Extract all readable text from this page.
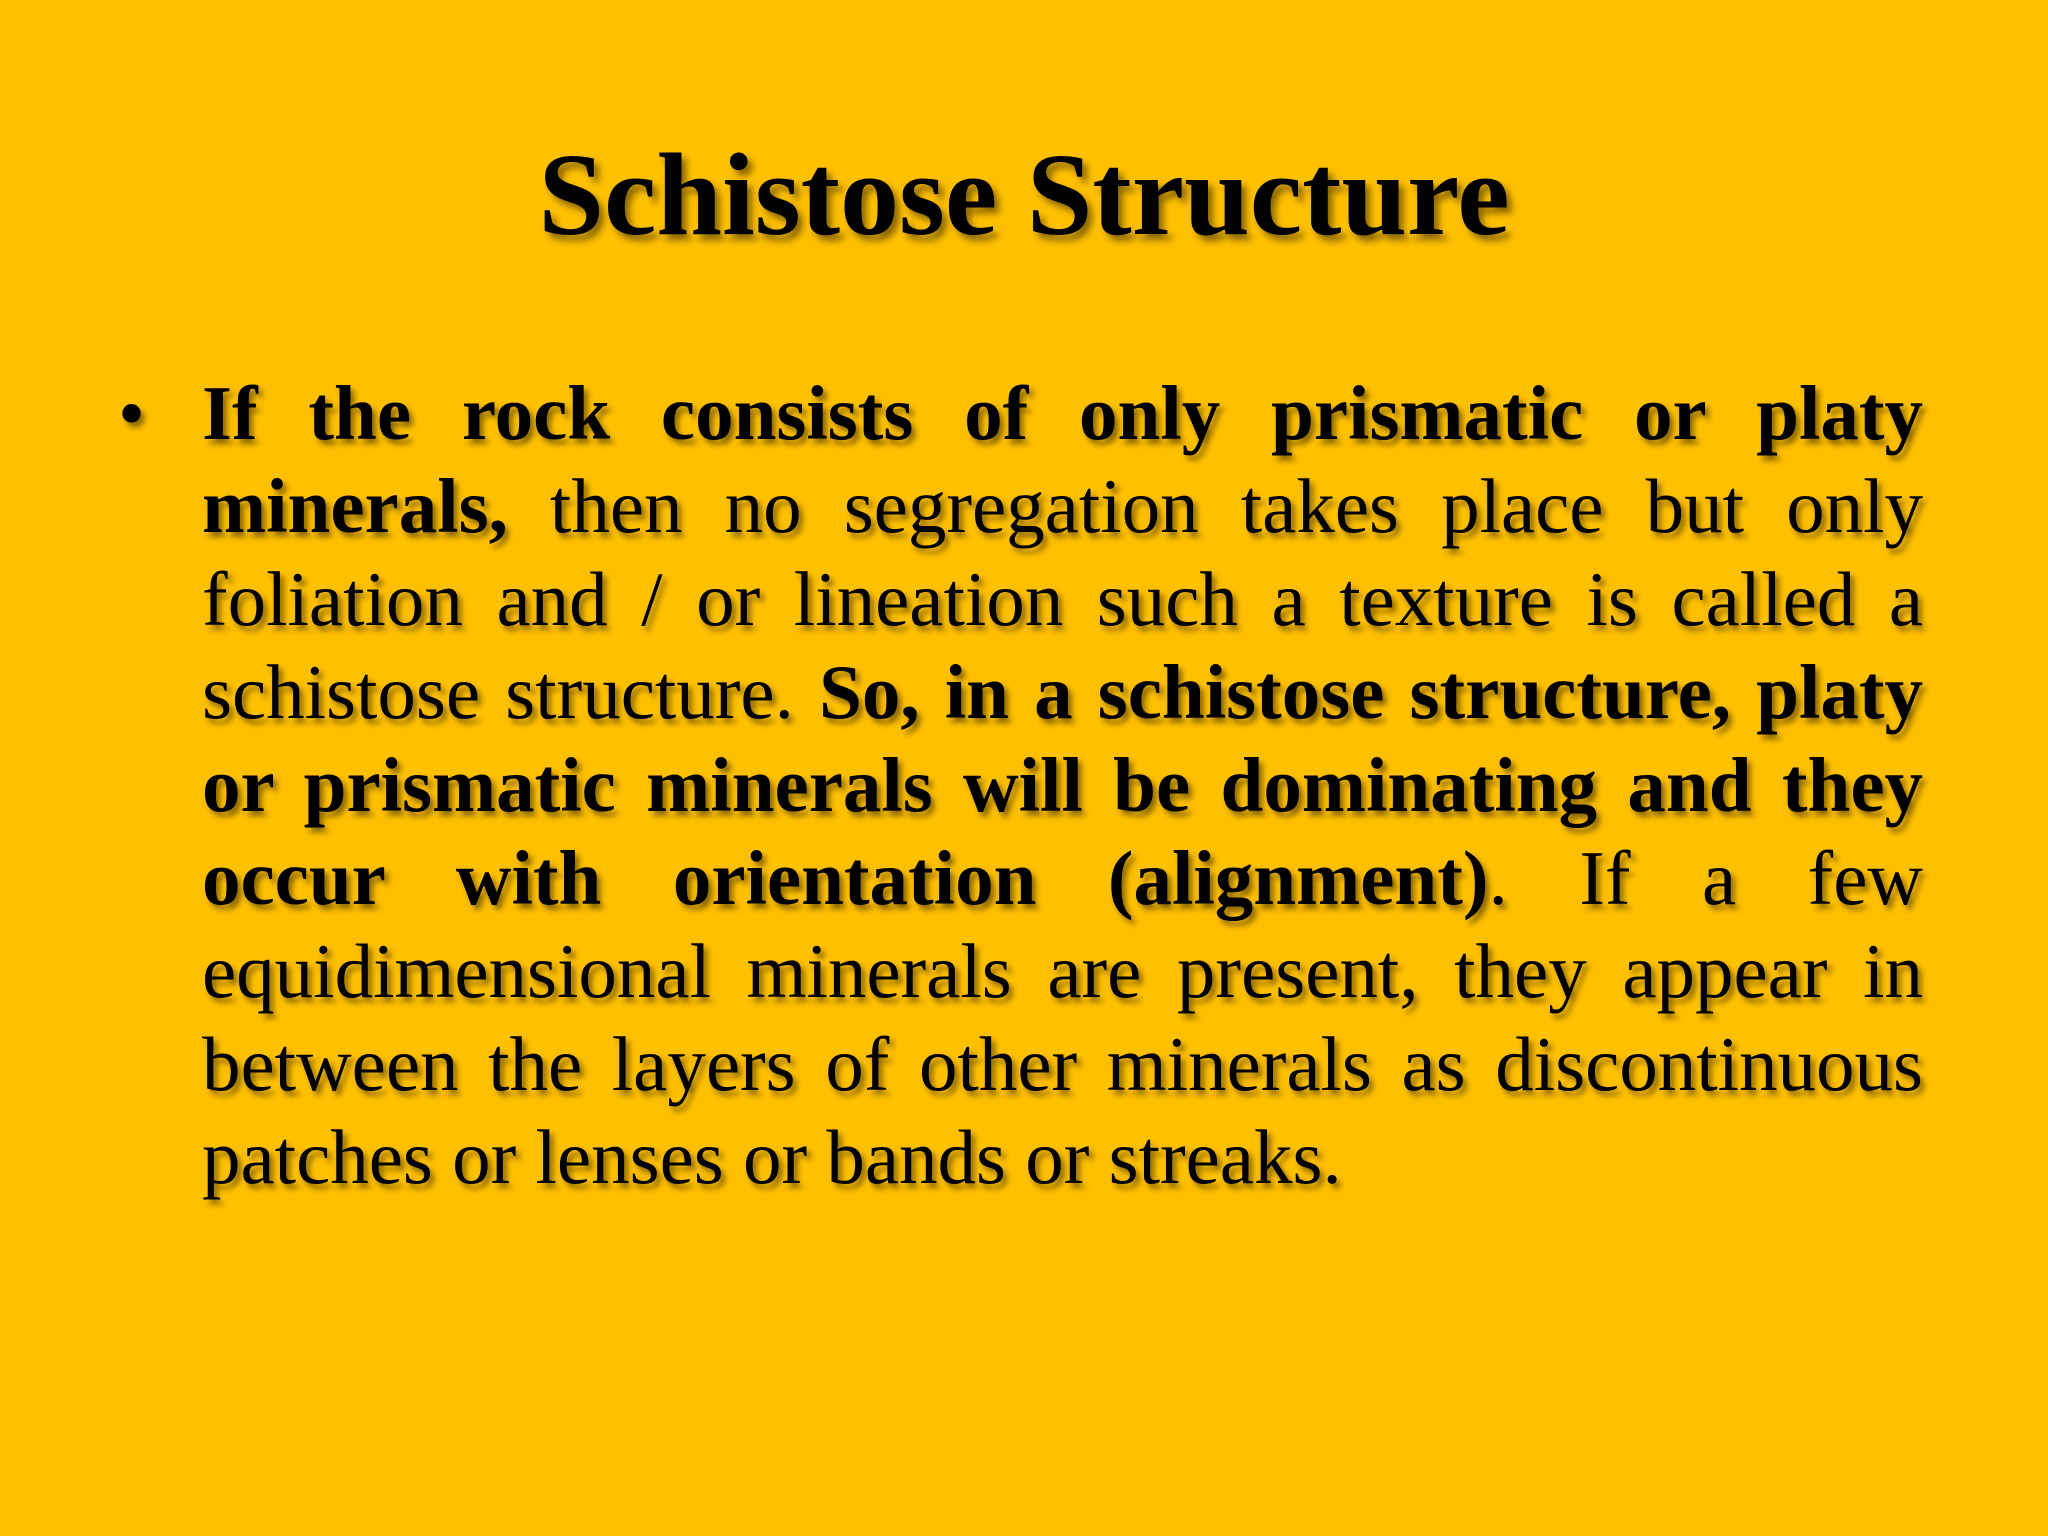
Schistose Structure
• If the rock consists of only prismatic or platy minerals, then no segregation takes place but only foliation and / or lineation such a texture is called a schistose structure. So, in a schistose structure, platy or prismatic minerals will be dominating and they occur with orientation (alignment). If a few equidimensional minerals are present, they appear in between the layers of other minerals as discontinuous patches or lenses or bands or streaks.
